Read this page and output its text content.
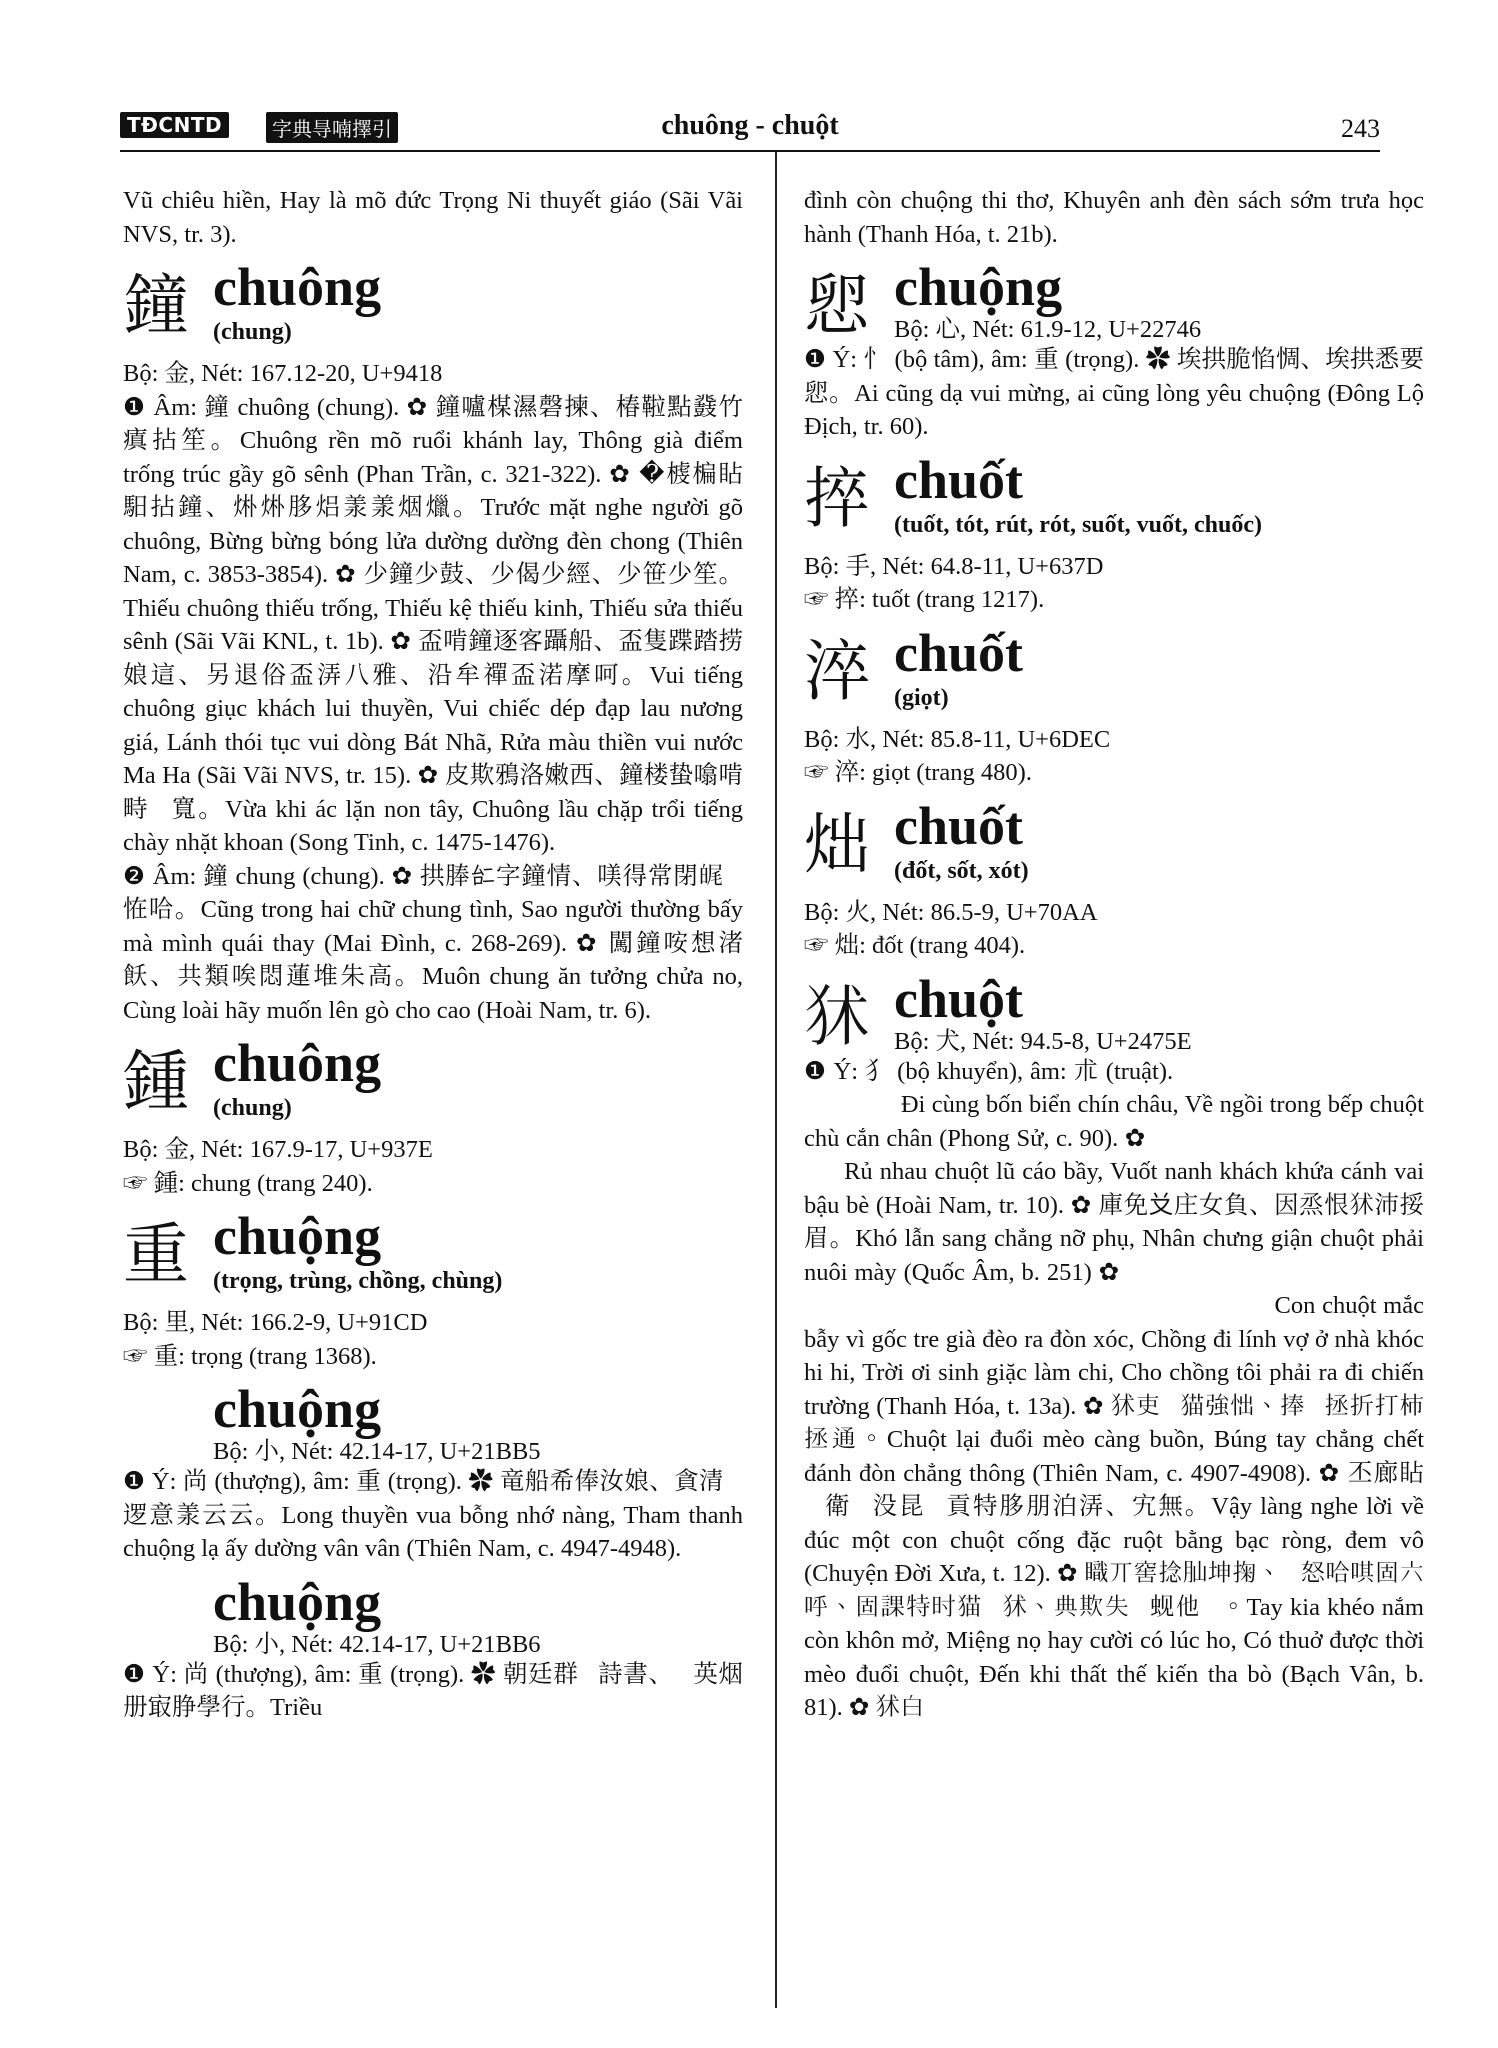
TĐCNTD	字典㝵喃擇引	chuông - chuột	243

Vũ chiêu hiền, Hay là mõ đức Trọng Ni thuyết giáo (Sãi Vãi NVS, tr. 3).

鐘 chuông
(chung)

Bộ: 金, Nét: 167.12-20, U+9418

❶ Âm: 鐘 chuông (chung). ✿ 鐘嚧楳濕磬揀、椿鞡點鼗竹瘨拈笙。Chuông rền mõ ruổi khánh lay, Thông già điểm trống trúc gầy gõ sênh (Phan Trần, c. 321-322). ✿ �榩楄䀡馹拈鐘、烞烞䏧焒羕羕烟爉。Trước mặt nghe người gõ chuông, Bừng bừng bóng lửa dường dường đèn chong (Thiên Nam, c. 3853-3854). ✿ 少鐘少鼓、少偈少經、少笹少笙。Thiếu chuông thiếu trống, Thiếu kệ thiếu kinh, Thiếu sửa thiếu sênh (Sãi Vãi KNL, t. 1b). ✿ 盃啃鐘逐客躡船、盃隻蹀踏捞娘這、另退俗盃㳥八雅、沿牟禪盃渃摩呵。Vui tiếng chuông giục khách lui thuyền, Vui chiếc dép đạp lau nương giá, Lánh thói tục vui dòng Bát Nhã, Rửa màu thiền vui nước Ma Ha (Sãi Vãi NVS, tr. 15). ✿ 皮欺鴉洛嫩西、鐘楼蛰噏啃畤𣈗寬。Vừa khi ác lặn non tây, Chuông lầu chặp trổi tiếng chày nhặt khoan (Song Tinh, c. 1475-1476).

❷ Âm: 鐘 chung (chung). ✿ 拱䏾𠄩字鐘情、𠸍得常閉𤽶𨉓恠哈。Cũng trong hai chữ chung tình, Sao người thường bấy mà mình quái thay (Mai Đình, c. 268-269). ✿ 闖鐘咹想渚飫、共類唉悶蓮堆朱高。Muôn chung ăn tưởng chửa no, Cùng loài hãy muốn lên gò cho cao (Hoài Nam, tr. 6).

鍾 chuông
(chung)

Bộ: 金, Nét: 167.9-17, U+937E

☞ 鍾: chung (trang 240).

重 chuộng
(trọng, trùng, chồng, chùng)

Bộ: 里, Nét: 166.2-9, U+91CD

☞ 重: trọng (trang 1368).

𡮵 chuộng
Bộ: 小, Nét: 42.14-17, U+21BB5

❶ Ý: 尚 (thượng), âm: 重 (trọng). ✿ 竜船希俸汝娘、貪清𡮵逻意羕云云。Long thuyền vua bỗng nhớ nàng, Tham thanh chuộng lạ ấy dường vân vân (Thiên Nam, c. 4947-4948).

𡮶 chuộng
Bộ: 小, Nét: 42.14-17, U+21BB6

❶ Ý: 尚 (thượng), âm: 重 (trọng). ✿ 朝廷群𡮶詩書、𠷳英烟册㝡㬹學行。Triều

đình còn chuộng thi thơ, Khuyên anh đèn sách sớm trưa học hành (Thanh Hóa, t. 21b).

㤻 chuộng
Bộ: 心, Nét: 61.9-12, U+22746

❶ Ý: 忄 (bộ tâm), âm: 重 (trọng). ✿ 埃拱脆惂惆、埃拱悉要㤻。Ai cũng dạ vui mừng, ai cũng lòng yêu chuộng (Đông Lộ Địch, tr. 60).

捽 chuốt
(tuốt, tót, rút, rót, suốt, vuốt, chuốc)

Bộ: 手, Nét: 64.8-11, U+637D

☞ 捽: tuốt (trang 1217).

淬 chuốt
(giọt)

Bộ: 水, Nét: 85.8-11, U+6DEC

☞ 淬: giọt (trang 480).

炪 chuốt
(đốt, sốt, xót)

Bộ: 火, Nét: 86.5-9, U+70AA

☞ 炪: đốt (trang 404).

𤝞 chuột
Bộ: 犬, Nét: 94.5-8, U+2475E

❶ Ý: 犭 (bộ khuyển), âm: 朮 (truật). ✿ 𨀈窮罕瀋𤤰州、衛坐䏾炗𤝞厨哏䟢。Đi cùng bốn biển chín châu, Về ngồi trong bếp chuột chù cắn chân (Phong Sử, c. 90). ✿ 𠽖饒𤝞屢猎排、犨獰客去翅𦑃倍皮。Rủ nhau chuột lũ cáo bầy, Vuốt nanh khách khứa cánh vai bậu bè (Hoài Nam, tr. 10). ✿ 庫免𠬠庄女負、因烝恨𤝞沛挼眉。Khó lẫn sang chẳng nỡ phụ, Nhân chưng giận chuột phải nuôi mày (Quốc Âm, b. 251) ✿ 𡮣𤝞擛櫂為䧺㭲䊷擣𠵩杮促、𫅷𠫾另𠋥於茹哭希希、坙喂生賊夕之、朱𫅷碎沛𠵩𫅷戰場。Con chuột mắc bẫy vì gốc tre già đèo ra đòn xóc, Chồng đi lính vợ ở nhà khóc hi hi, Trời ơi sinh giặc làm chi, Cho chồng tôi phải ra đi chiến trường (Thanh Hóa, t. 13a). ✿ 𤝞吏𨁪猫強㤕、捧𢬣拯折打杮拯通。Chuột lại đuổi mèo càng buồn, Búng tay chẳng chết đánh đòn chẳng thông (Thiên Nam, c. 4907-4908). ✿ 丕廊䀡𠶋衛𨫊没昆𤝞貢特䏧朋泊㳥、宄無。Vậy làng nghe lời về đúc một con chuột cống đặc ruột bằng bạc ròng, đem vô (Chuyện Đời Xưa, t. 12). ✿ 𥋏丌窖捻𦘹坤掬、𠱋怒哈唭固六呼、固課特时猫𨁪𤝞、典欺失𫅷蚬他𫅷。Tay kia khéo nắm còn khôn mở, Miệng nọ hay cười có lúc ho, Có thuở được thời mèo đuổi chuột, Đến khi thất thế kiến tha bò (Bạch Vân, b. 81). ✿ 𤝞白
